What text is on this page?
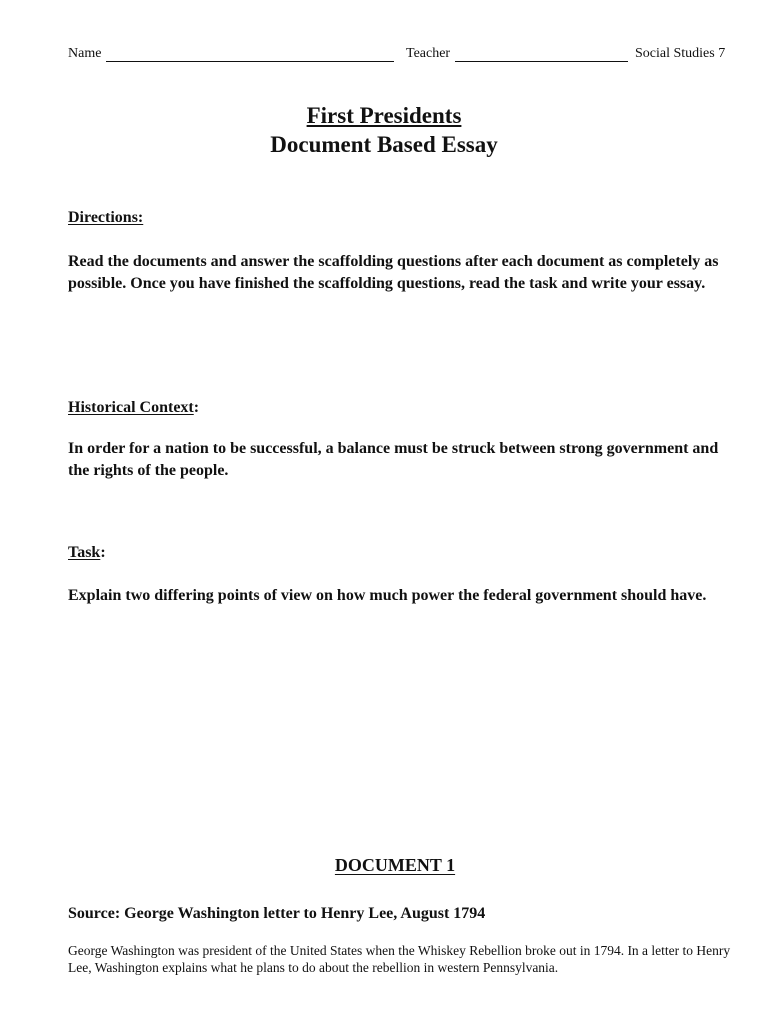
Name	Teacher	Social Studies 7
First Presidents
Document Based Essay
Directions:
Read the documents and answer the scaffolding questions after each document as completely as possible. Once you have finished the scaffolding questions, read the task and write your essay.
Historical Context:
In order for a nation to be successful, a balance must be struck between strong government and the rights of the people.
Task:
Explain two differing points of view on how much power the federal government should have.
DOCUMENT 1
Source: George Washington letter to Henry Lee, August 1794
George Washington was president of the United States when the Whiskey Rebellion broke out in 1794. In a letter to Henry Lee, Washington explains what he plans to do about the rebellion in western Pennsylvania.
